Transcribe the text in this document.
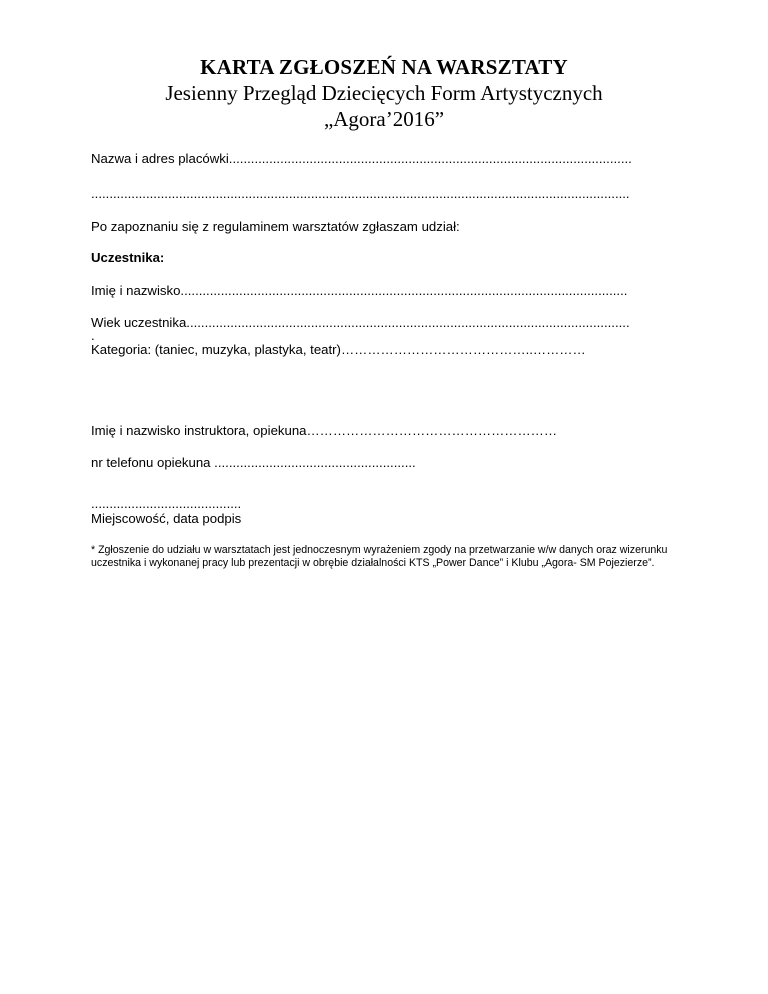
KARTA ZGŁOSZEŃ NA WARSZTATY
Jesienny Przegląd Dziecięcych Form Artystycznych
„Agora’2016”
Nazwa i adres placówki..............................................................................................................
...................................................................................................................................................
Po zapoznaniu się z regulaminem warsztatów zgłaszam udział:
Uczestnika:
Imię i nazwisko..........................................................................................................................
Wiek uczestnika.........................................................................................................................
.
Kategoria: (taniec, muzyka, plastyka, teatr)……………………………………..…………
Imię i nazwisko instruktora, opiekuna…………………………………………………
nr telefonu opiekuna .......................................................
.........................................
Miejscowość, data podpis
* Zgłoszenie do udziału w warsztatach jest jednoczesnym wyrażeniem zgody na przetwarzanie w/w danych oraz wizerunku uczestnika i wykonanej pracy lub prezentacji w obrębie działalności KTS „Power Dance” i Klubu „Agora- SM Pojezierze”.
